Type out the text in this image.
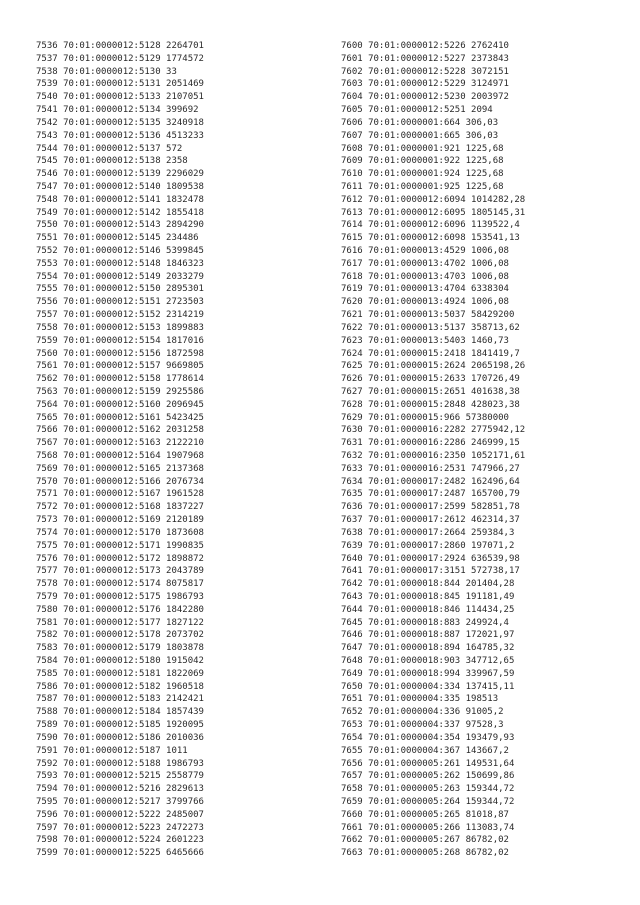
7536 70:01:0000012:5128 2264701
7537 70:01:0000012:5129 1774572
7538 70:01:0000012:5130 33
7539 70:01:0000012:5131 2051469
7540 70:01:0000012:5133 2107051
7541 70:01:0000012:5134 399692
7542 70:01:0000012:5135 3240918
7543 70:01:0000012:5136 4513233
7544 70:01:0000012:5137 572
7545 70:01:0000012:5138 2358
7546 70:01:0000012:5139 2296029
7547 70:01:0000012:5140 1809538
7548 70:01:0000012:5141 1832478
7549 70:01:0000012:5142 1855418
7550 70:01:0000012:5143 2894290
7551 70:01:0000012:5145 234486
7552 70:01:0000012:5146 5399845
7553 70:01:0000012:5148 1846323
7554 70:01:0000012:5149 2033279
7555 70:01:0000012:5150 2895301
7556 70:01:0000012:5151 2723503
7557 70:01:0000012:5152 2314219
7558 70:01:0000012:5153 1899883
7559 70:01:0000012:5154 1817016
7560 70:01:0000012:5156 1872598
7561 70:01:0000012:5157 9669805
7562 70:01:0000012:5158 1778614
7563 70:01:0000012:5159 2925586
7564 70:01:0000012:5160 2096945
7565 70:01:0000012:5161 5423425
7566 70:01:0000012:5162 2031258
7567 70:01:0000012:5163 2122210
7568 70:01:0000012:5164 1907968
7569 70:01:0000012:5165 2137368
7570 70:01:0000012:5166 2076734
7571 70:01:0000012:5167 1961528
7572 70:01:0000012:5168 1837227
7573 70:01:0000012:5169 2120189
7574 70:01:0000012:5170 1873608
7575 70:01:0000012:5171 1990835
7576 70:01:0000012:5172 1898872
7577 70:01:0000012:5173 2043789
7578 70:01:0000012:5174 8075817
7579 70:01:0000012:5175 1986793
7580 70:01:0000012:5176 1842280
7581 70:01:0000012:5177 1827122
7582 70:01:0000012:5178 2073702
7583 70:01:0000012:5179 1803878
7584 70:01:0000012:5180 1915042
7585 70:01:0000012:5181 1822069
7586 70:01:0000012:5182 1960518
7587 70:01:0000012:5183 2142421
7588 70:01:0000012:5184 1857439
7589 70:01:0000012:5185 1920095
7590 70:01:0000012:5186 2010036
7591 70:01:0000012:5187 1011
7592 70:01:0000012:5188 1986793
7593 70:01:0000012:5215 2558779
7594 70:01:0000012:5216 2829613
7595 70:01:0000012:5217 3799766
7596 70:01:0000012:5222 2485007
7597 70:01:0000012:5223 2472273
7598 70:01:0000012:5224 2601223
7599 70:01:0000012:5225 6465666
7600 70:01:0000012:5226 2762410
7601 70:01:0000012:5227 2373843
7602 70:01:0000012:5228 3072151
7603 70:01:0000012:5229 3124971
7604 70:01:0000012:5230 2003972
7605 70:01:0000012:5251 2094
7606 70:01:0000001:664 306,03
7607 70:01:0000001:665 306,03
7608 70:01:0000001:921 1225,68
7609 70:01:0000001:922 1225,68
7610 70:01:0000001:924 1225,68
7611 70:01:0000001:925 1225,68
7612 70:01:0000012:6094 1014282,28
7613 70:01:0000012:6095 1805145,31
7614 70:01:0000012:6096 1139522,4
7615 70:01:0000012:6098 153541,13
7616 70:01:0000013:4529 1006,08
7617 70:01:0000013:4702 1006,08
7618 70:01:0000013:4703 1006,08
7619 70:01:0000013:4704 6338304
7620 70:01:0000013:4924 1006,08
7621 70:01:0000013:5037 58429200
7622 70:01:0000013:5137 358713,62
7623 70:01:0000013:5403 1460,73
7624 70:01:0000015:2418 1841419,7
7625 70:01:0000015:2624 2065198,26
7626 70:01:0000015:2633 170726,49
7627 70:01:0000015:2651 401638,38
7628 70:01:0000015:2848 428023,38
7629 70:01:0000015:966 57380000
7630 70:01:0000016:2282 2775942,12
7631 70:01:0000016:2286 246999,15
7632 70:01:0000016:2350 1052171,61
7633 70:01:0000016:2531 747966,27
7634 70:01:0000017:2482 162496,64
7635 70:01:0000017:2487 165700,79
7636 70:01:0000017:2599 582851,78
7637 70:01:0000017:2612 462314,37
7638 70:01:0000017:2664 259384,3
7639 70:01:0000017:2860 197071,2
7640 70:01:0000017:2924 636539,98
7641 70:01:0000017:3151 572738,17
7642 70:01:0000018:844 201404,28
7643 70:01:0000018:845 191181,49
7644 70:01:0000018:846 114434,25
7645 70:01:0000018:883 249924,4
7646 70:01:0000018:887 172021,97
7647 70:01:0000018:894 164785,32
7648 70:01:0000018:903 347712,65
7649 70:01:0000018:994 339967,59
7650 70:01:0000004:334 137415,11
7651 70:01:0000004:335 198513
7652 70:01:0000004:336 91005,2
7653 70:01:0000004:337 97528,3
7654 70:01:0000004:354 193479,93
7655 70:01:0000004:367 143667,2
7656 70:01:0000005:261 149531,64
7657 70:01:0000005:262 150699,86
7658 70:01:0000005:263 159344,72
7659 70:01:0000005:264 159344,72
7660 70:01:0000005:265 81018,87
7661 70:01:0000005:266 113083,74
7662 70:01:0000005:267 86782,02
7663 70:01:0000005:268 86782,02
